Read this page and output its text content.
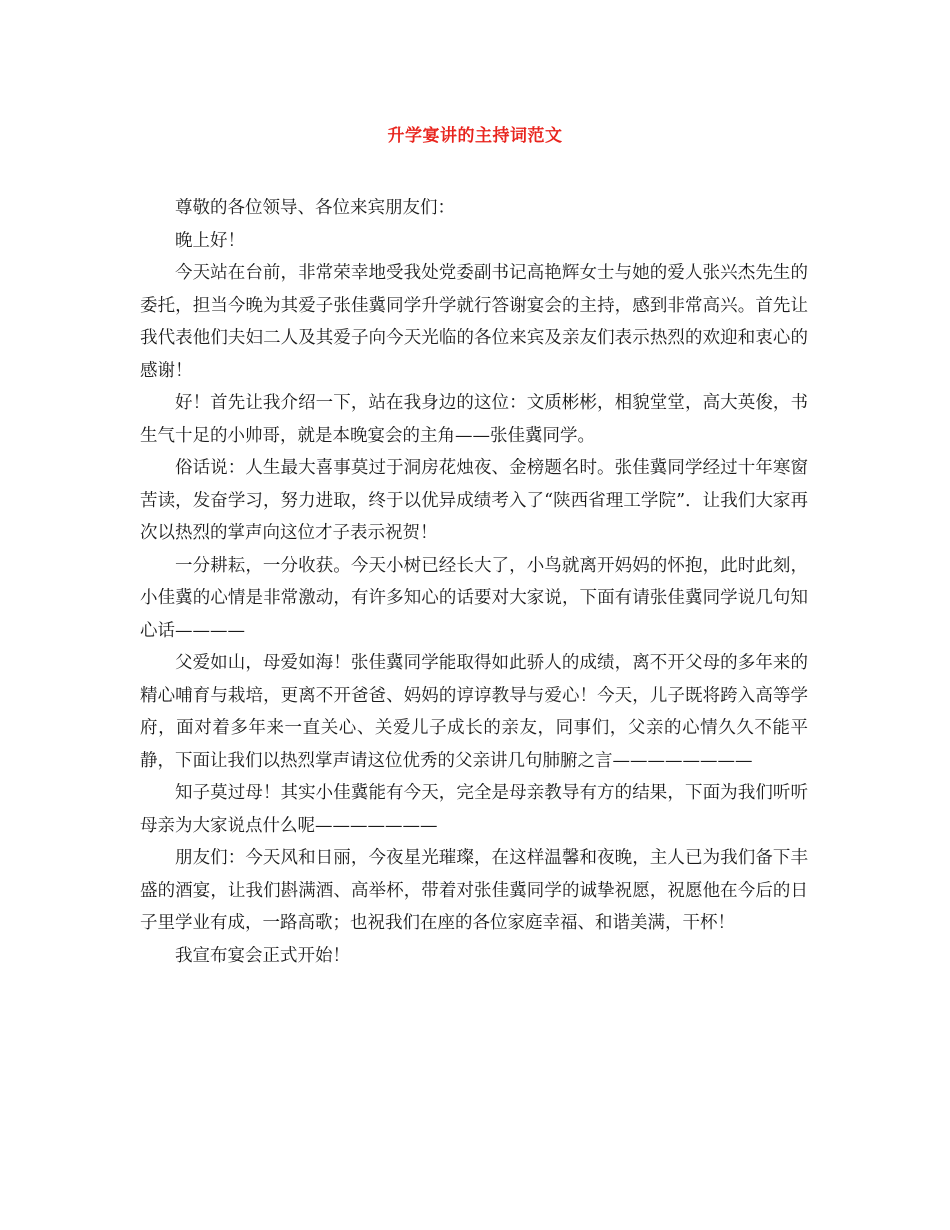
升学宴讲的主持词范文

尊敬的各位领导、各位来宾朋友们：

晚上好！

今天站在台前，非常荣幸地受我处党委副书记高艳辉女士与她的爱人张兴杰先生的委托，担当今晚为其爱子张佳冀同学升学就行答谢宴会的主持，感到非常高兴。首先让我代表他们夫妇二人及其爱子向今天光临的各位来宾及亲友们表示热烈的欢迎和衷心的感谢！

好！首先让我介绍一下，站在我身边的这位：文质彬彬，相貌堂堂，高大英俊，书生气十足的小帅哥，就是本晚宴会的主角——张佳冀同学。

俗话说：人生最大喜事莫过于洞房花烛夜、金榜题名时。张佳冀同学经过十年寒窗苦读，发奋学习，努力进取，终于以优异成绩考入了“陕西省理工学院”．让我们大家再次以热烈的掌声向这位才子表示祝贺！

一分耕耘，一分收获。今天小树已经长大了，小鸟就离开妈妈的怀抱，此时此刻，小佳冀的心情是非常激动，有许多知心的话要对大家说，下面有请张佳冀同学说几句知心话————

父爱如山，母爱如海！张佳冀同学能取得如此骄人的成绩，离不开父母的多年来的精心哺育与栽培，更离不开爸爸、妈妈的谆谆教导与爱心！今天，儿子既将跨入高等学府，面对着多年来一直关心、关爱儿子成长的亲友，同事们，父亲的心情久久不能平静，下面让我们以热烈掌声请这位优秀的父亲讲几句肺腑之言————————

知子莫过母！其实小佳冀能有今天，完全是母亲教导有方的结果，下面为我们听听母亲为大家说点什么呢———————

朋友们：今天风和日丽，今夜星光璀璨，在这样温馨和夜晚，主人已为我们备下丰盛的酒宴，让我们斟满酒、高举杯，带着对张佳冀同学的诚挚祝愿，祝愿他在今后的日子里学业有成，一路高歌；也祝我们在座的各位家庭幸福、和谐美满，干杯！

我宣布宴会正式开始！
